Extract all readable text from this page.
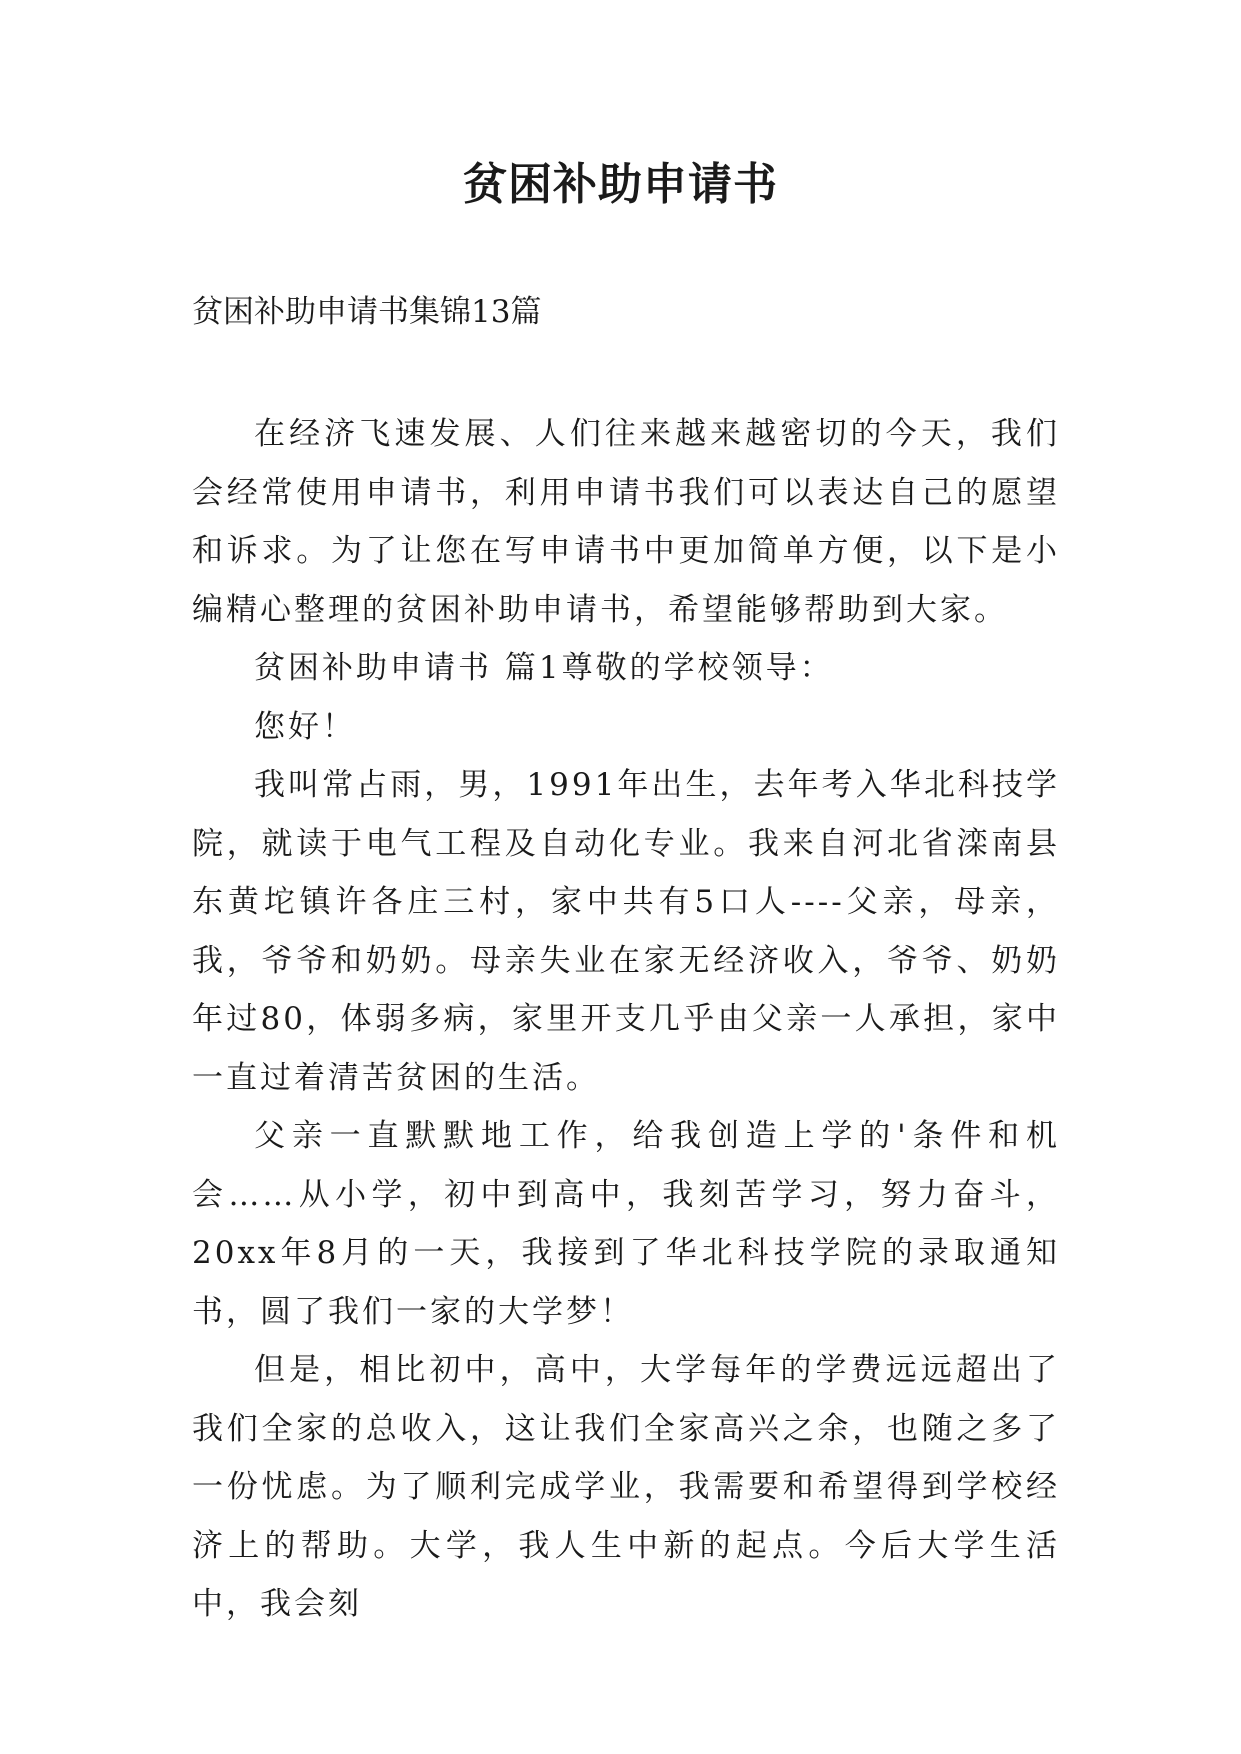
贫困补助申请书

贫困补助申请书集锦13篇

在经济飞速发展、人们往来越来越密切的今天，我们会经常使用申请书，利用申请书我们可以表达自己的愿望和诉求。为了让您在写申请书中更加简单方便，以下是小编精心整理的贫困补助申请书，希望能够帮助到大家。

贫困补助申请书 篇1尊敬的学校领导：

您好！

我叫常占雨，男，1991年出生，去年考入华北科技学院，就读于电气工程及自动化专业。我来自河北省滦南县东黄坨镇许各庄三村，家中共有5口人----父亲，母亲，我，爷爷和奶奶。母亲失业在家无经济收入，爷爷、奶奶年过80，体弱多病，家里开支几乎由父亲一人承担，家中一直过着清苦贫困的生活。

父亲一直默默地工作，给我创造上学的'条件和机会……从小学，初中到高中，我刻苦学习，努力奋斗，20xx年8月的一天，我接到了华北科技学院的录取通知书，圆了我们一家的大学梦！

但是，相比初中，高中，大学每年的学费远远超出了我们全家的总收入，这让我们全家高兴之余，也随之多了一份忧虑。为了顺利完成学业，我需要和希望得到学校经济上的帮助。大学，我人生中新的起点。今后大学生活中，我会刻
